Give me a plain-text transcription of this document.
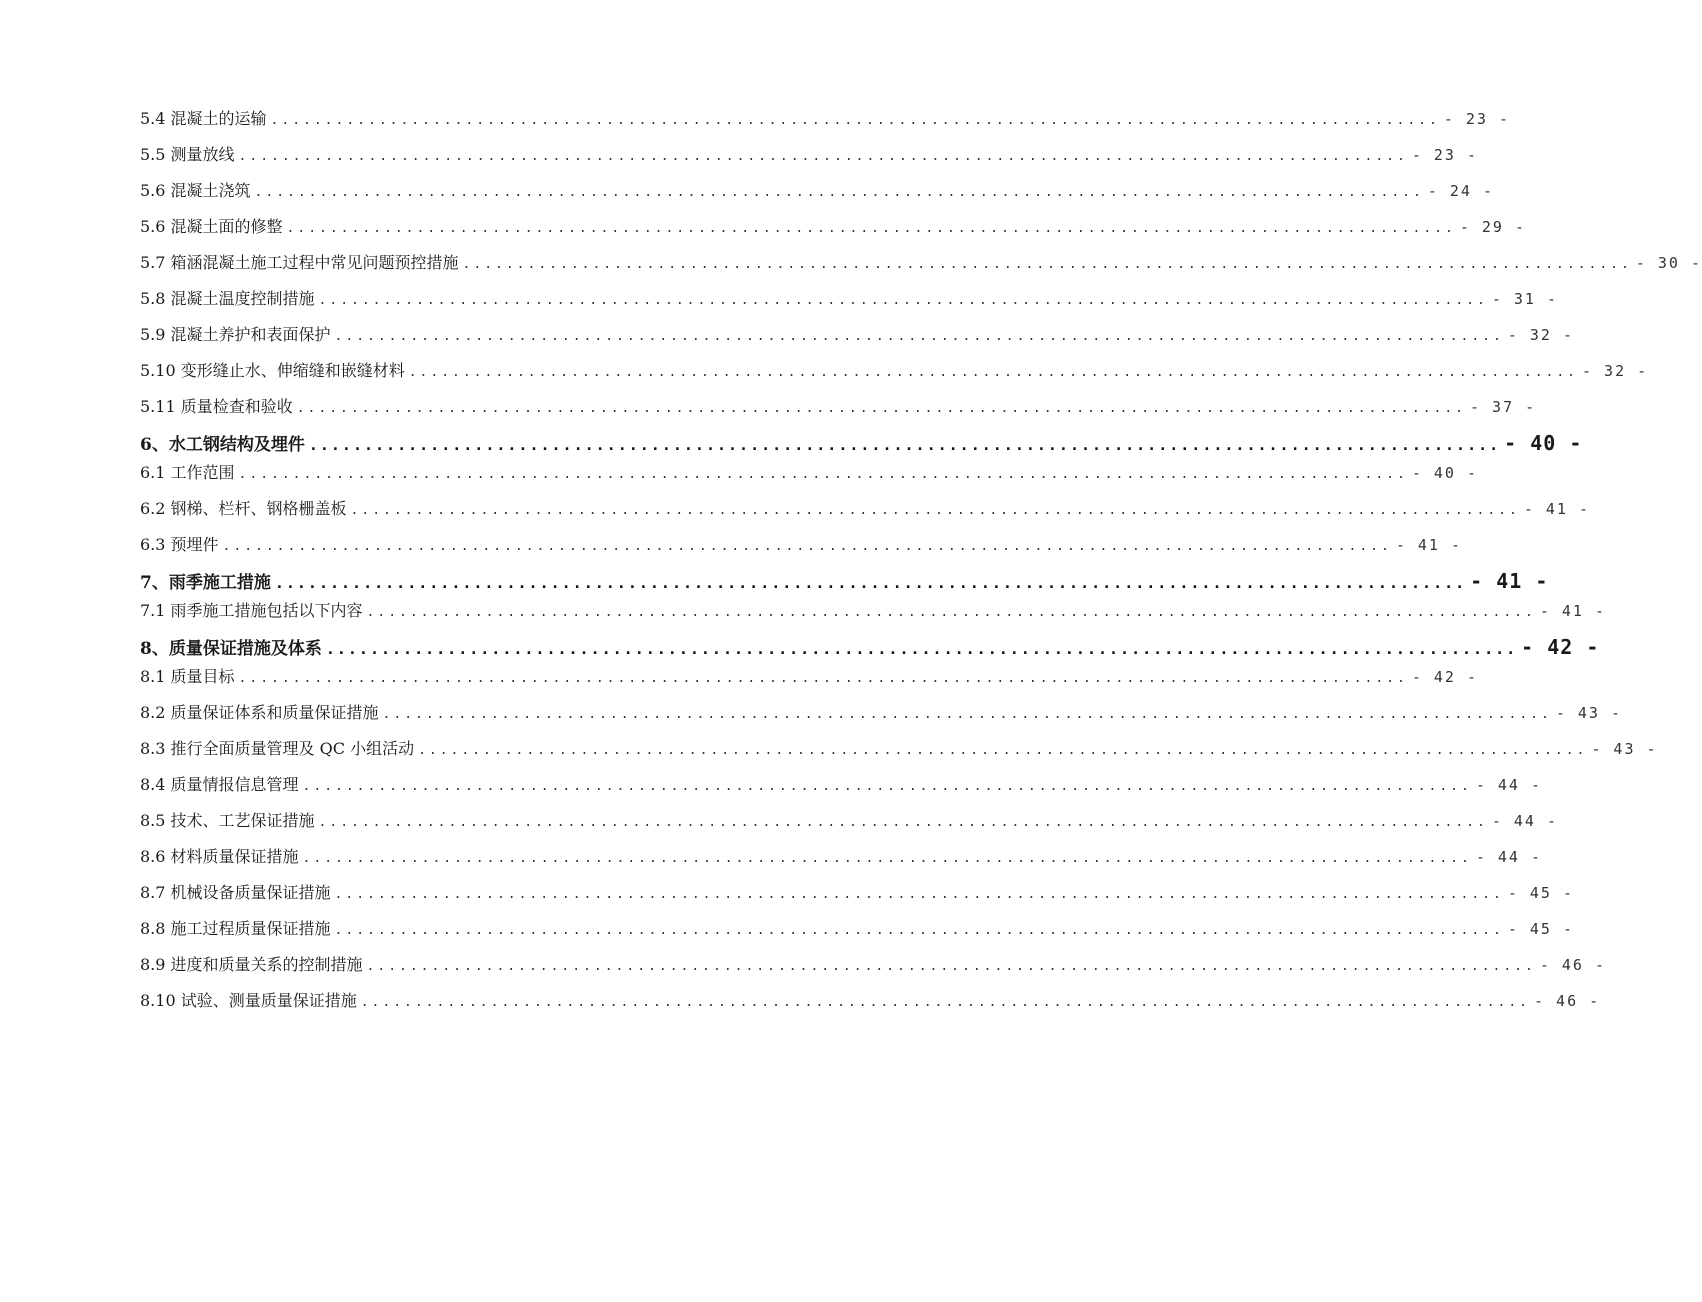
5.4 混凝土的运输 ............................................................................................................ - 23 -
5.5 测量放线 ............................................................................................................ - 23 -
5.6 混凝土浇筑 ............................................................................................................ - 24 -
5.6 混凝土面的修整 ............................................................................................................ - 29 -
5.7 箱涵混凝土施工过程中常见问题预控措施 ............................................................................................................ - 30 -
5.8 混凝土温度控制措施 ............................................................................................................ - 31 -
5.9 混凝土养护和表面保护 ............................................................................................................ - 32 -
5.10 变形缝止水、伸缩缝和嵌缝材料 ............................................................................................................ - 32 -
5.11 质量检查和验收 ............................................................................................................ - 37 -
6、水工钢结构及埋件 ............................................................................................................ - 40 -
6.1 工作范围 ............................................................................................................ - 40 -
6.2 钢梯、栏杆、钢格栅盖板 ............................................................................................................ - 41 -
6.3 预埋件 ............................................................................................................ - 41 -
7、雨季施工措施 ............................................................................................................ - 41 -
7.1 雨季施工措施包括以下内容 ............................................................................................................ - 41 -
8、质量保证措施及体系 ............................................................................................................ - 42 -
8.1 质量目标 ............................................................................................................ - 42 -
8.2 质量保证体系和质量保证措施 ............................................................................................................ - 43 -
8.3 推行全面质量管理及 QC 小组活动 ............................................................................................................ - 43 -
8.4 质量情报信息管理 ............................................................................................................ - 44 -
8.5 技术、工艺保证措施 ............................................................................................................ - 44 -
8.6 材料质量保证措施 ............................................................................................................ - 44 -
8.7 机械设备质量保证措施 ............................................................................................................ - 45 -
8.8 施工过程质量保证措施 ............................................................................................................ - 45 -
8.9 进度和质量关系的控制措施 ............................................................................................................ - 46 -
8.10 试验、测量质量保证措施 ............................................................................................................ - 46 -
